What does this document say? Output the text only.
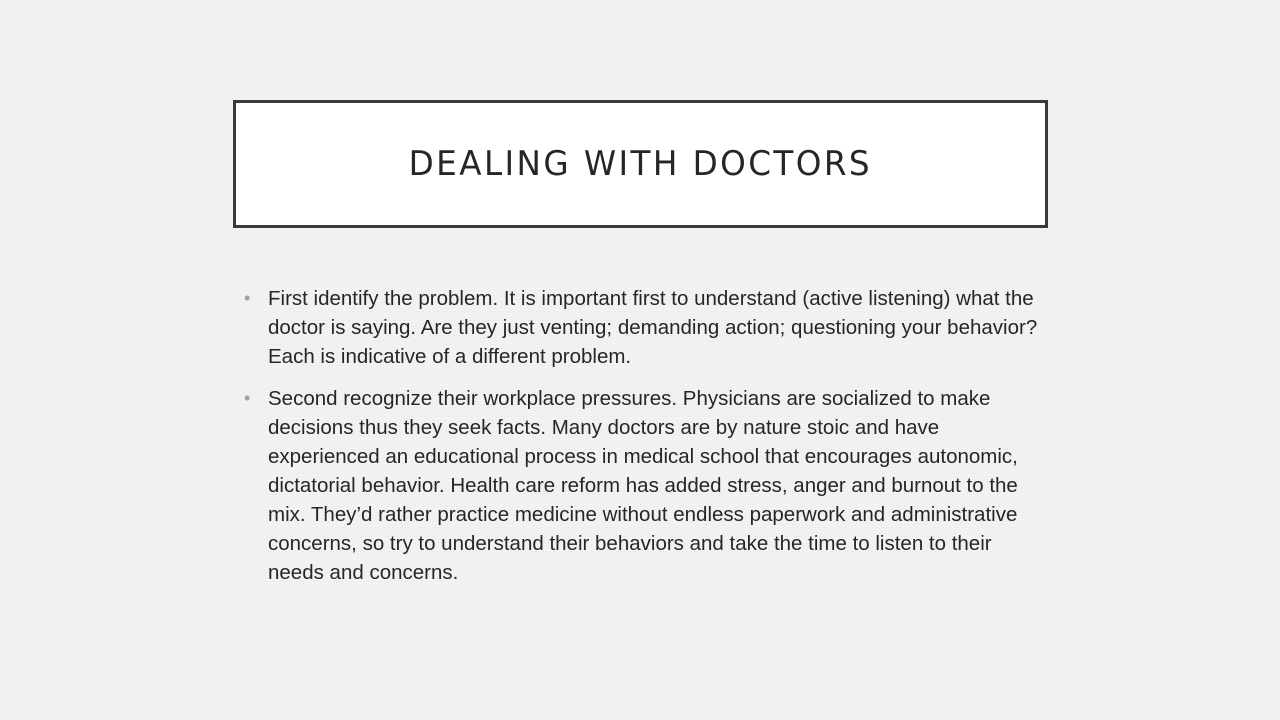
DEALING WITH DOCTORS
• First identify the problem. It is important first to understand (active listening) what the doctor is saying. Are they just venting; demanding action; questioning your behavior? Each is indicative of a different problem.
• Second recognize their workplace pressures. Physicians are socialized to make decisions thus they seek facts. Many doctors are by nature stoic and have experienced an educational process in medical school that encourages autonomic, dictatorial behavior. Health care reform has added stress, anger and burnout to the mix. They’d rather practice medicine without endless paperwork and administrative concerns, so try to understand their behaviors and take the time to listen to their needs and concerns.
